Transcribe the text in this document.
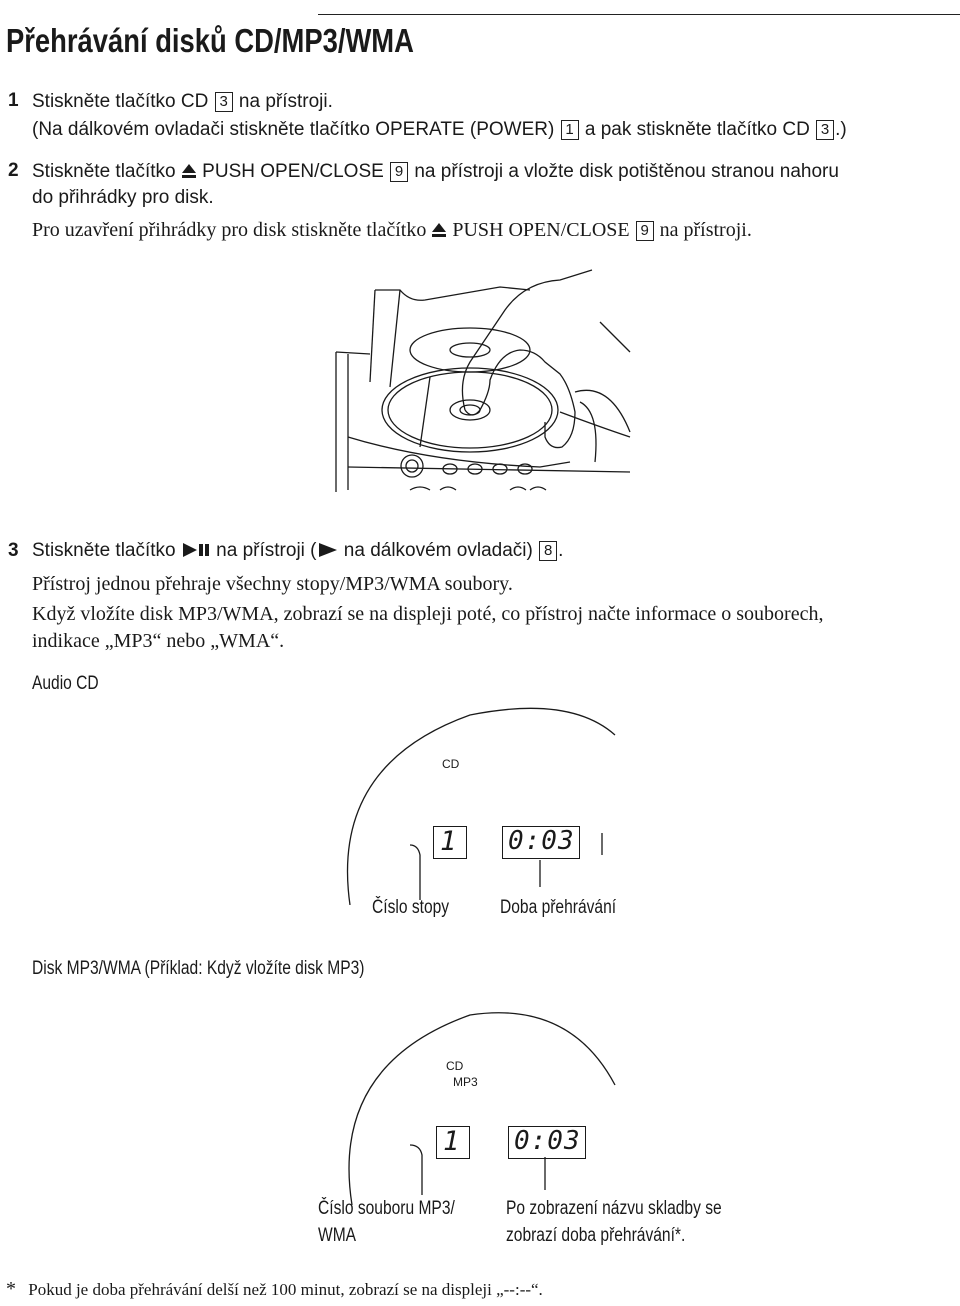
Přehrávání disků CD/MP3/WMA
1 Stiskněte tlačítko CD 3 na přístroji.
(Na dálkovém ovladači stiskněte tlačítko OPERATE (POWER) 1 a pak stiskněte tlačítko CD 3 .)
2 Stiskněte tlačítko  PUSH OPEN/CLOSE 9 na přístroji a vložte disk potištěnou stranou nahoru
do přihrádky pro disk.
Pro uzavření přihrádky pro disk stiskněte tlačítko  PUSH OPEN/CLOSE 9 na přístroji.
3 Stiskněte tlačítko  na přístroji ( na dálkovém ovladači) 8 .
Přístroj jednou přehraje všechny stopy/MP3/WMA soubory.
Když vložíte disk MP3/WMA, zobrazí se na displeji poté, co přístroj načte informace o souborech,
indikace „MP3“ nebo „WMA“.
Audio CD
CD
1 0:03
Číslo stopy	Doba přehrávání
Disk MP3/WMA (Příklad: Když vložíte disk MP3)
CD
MP3
1 0:03
Číslo souboru MP3/
WMA
Po zobrazení názvu skladby se
zobrazí doba přehrávání*.
* Pokud je doba přehrávání delší než 100 minut, zobrazí se na displeji „--:--“.
